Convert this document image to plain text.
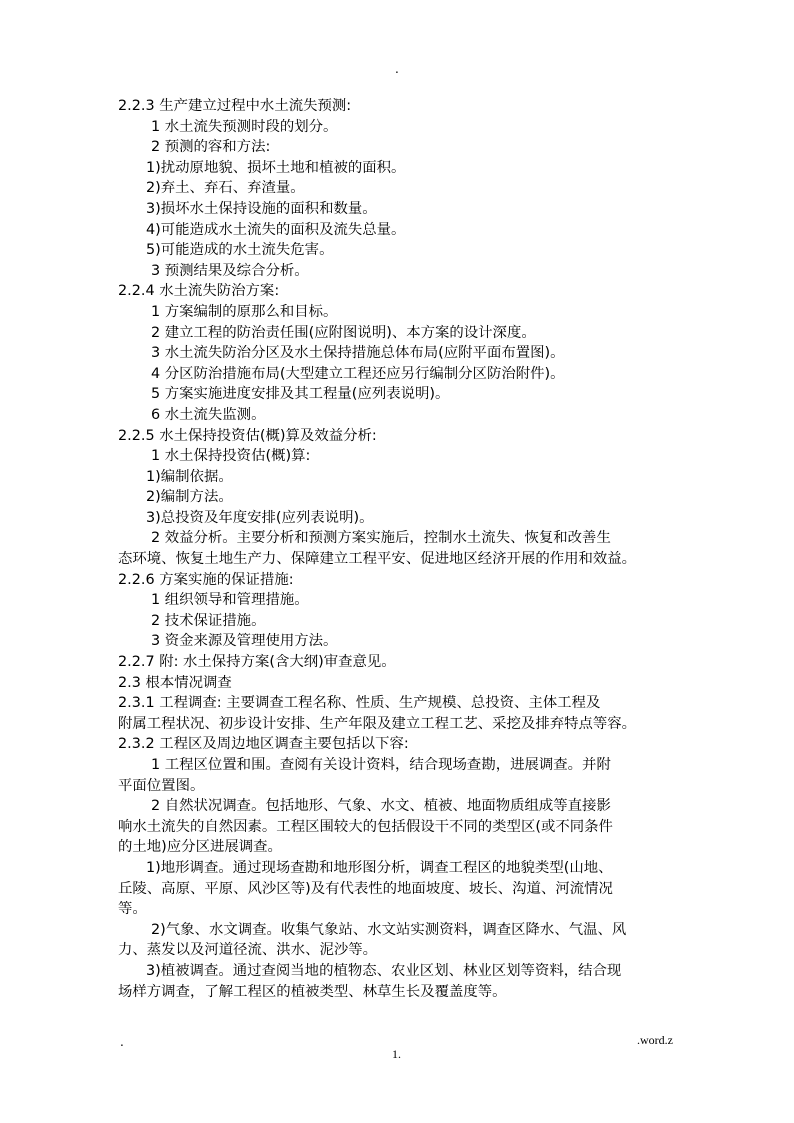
.
2.2.3 生产建立过程中水土流失预测:
1 水土流失预测时段的划分。
2 预测的容和方法:
1)扰动原地貌、损坏土地和植被的面积。
2)弃土、弃石、弃渣量。
3)损坏水土保持设施的面积和数量。
4)可能造成水土流失的面积及流失总量。
5)可能造成的水土流失危害。
3 预测结果及综合分析。
2.2.4 水土流失防治方案:
1 方案编制的原那么和目标。
2 建立工程的防治责任围(应附图说明)、本方案的设计深度。
3 水土流失防治分区及水土保持措施总体布局(应附平面布置图)。
4 分区防治措施布局(大型建立工程还应另行编制分区防治附件)。
5 方案实施进度安排及其工程量(应列表说明)。
6 水土流失监测。
2.2.5 水土保持投资估(概)算及效益分析:
1 水土保持投资估(概)算:
1)编制依据。
2)编制方法。
3)总投资及年度安排(应列表说明)。
2 效益分析。主要分析和预测方案实施后，控制水土流失、恢复和改善生
态环境、恢复土地生产力、保障建立工程平安、促进地区经济开展的作用和效益。
2.2.6 方案实施的保证措施:
1 组织领导和管理措施。
2 技术保证措施。
3 资金来源及管理使用方法。
2.2.7 附: 水土保持方案(含大纲)审查意见。
2.3 根本情况调查
2.3.1 工程调查: 主要调查工程名称、性质、生产规模、总投资、主体工程及
附属工程状况、初步设计安排、生产年限及建立工程工艺、采挖及排弃特点等容。
2.3.2 工程区及周边地区调查主要包括以下容:
1 工程区位置和围。查阅有关设计资料，结合现场查勘，进展调查。并附
平面位置图。
2 自然状况调查。包括地形、气象、水文、植被、地面物质组成等直接影
响水土流失的自然因素。工程区围较大的包括假设干不同的类型区(或不同条件
的土地)应分区进展调查。
1)地形调查。通过现场查勘和地形图分析，调查工程区的地貌类型(山地、
丘陵、高原、平原、风沙区等)及有代表性的地面坡度、坡长、沟道、河流情况
等。
2)气象、水文调查。收集气象站、水文站实测资料，调查区降水、气温、风
力、蒸发以及河道径流、洪水、泥沙等。
3)植被调查。通过查阅当地的植物态、农业区划、林业区划等资料，结合现
场样方调查，了解工程区的植被类型、林草生长及覆盖度等。
.	.word.z
1.
